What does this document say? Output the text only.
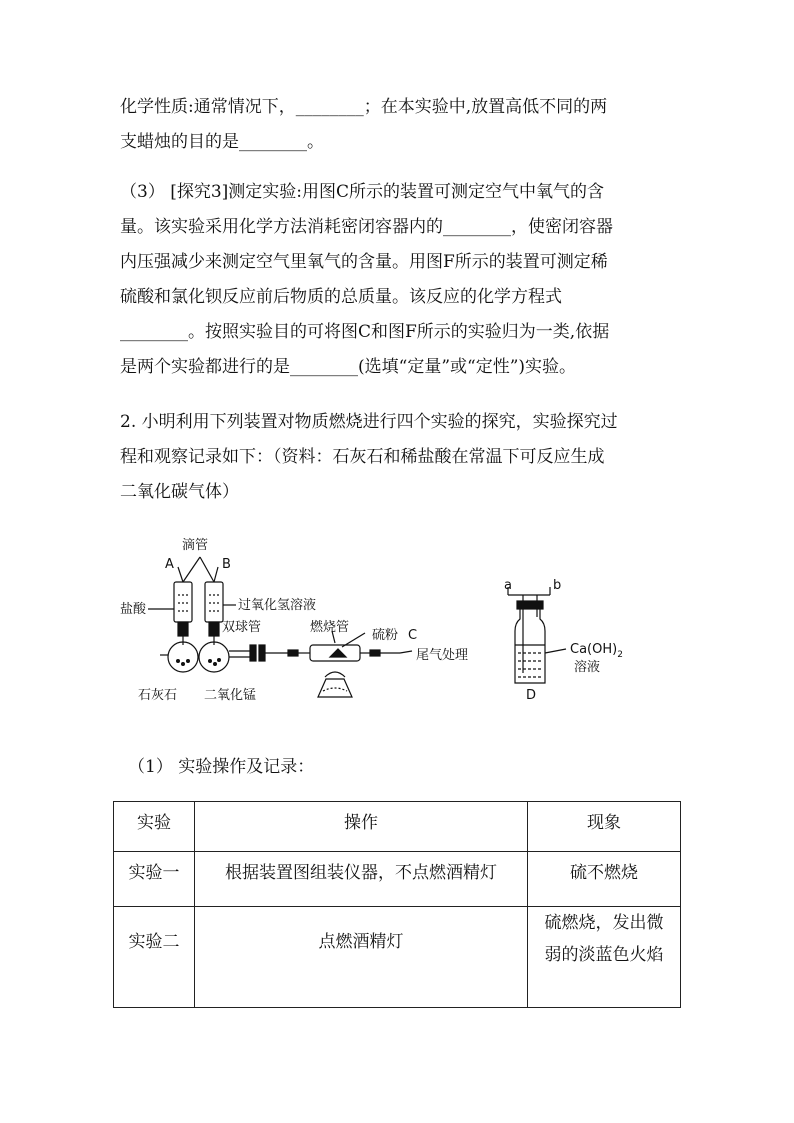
化学性质:通常情况下，________；在本实验中,放置高低不同的两
支蜡烛的目的是________。
（3） [探究3]测定实验:用图C所示的装置可测定空气中氧气的含
量。该实验采用化学方法消耗密闭容器内的________，使密闭容器
内压强减少来测定空气里氧气的含量。用图F所示的装置可测定稀
硫酸和氯化钡反应前后物质的总质量。该反应的化学方程式
________。按照实验目的可将图C和图F所示的实验归为一类,依据
是两个实验都进行的是________(选填“定量”或“定性”)实验。
2. 小明利用下列装置对物质燃烧进行四个实验的探究，实验探究过
程和观察记录如下：（资料：石灰石和稀盐酸在常温下可反应生成
二氧化碳气体）
滴管
A	B
盐酸	过氧化氢溶液
双球管	燃烧管
硫粉 C
尾气处理
石灰石 二氧化锰
a	b
$Ca(OH)_2$
溶液
D

（1） 实验操作及记录：

实验	操作	现象
实验一	根据装置图组装仪器，不点燃酒精灯	硫不燃烧
实验二	点燃酒精灯	硫燃烧，发出微
弱的淡蓝色火焰
